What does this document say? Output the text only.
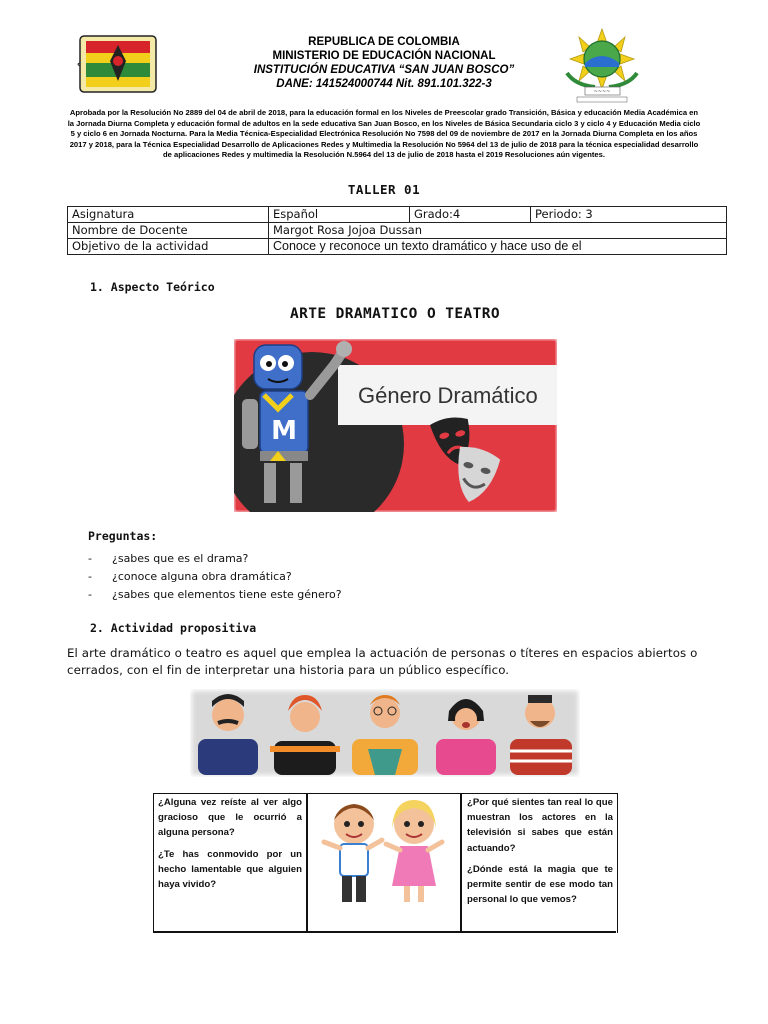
REPUBLICA DE COLOMBIA
MINISTERIO DE EDUCACIÓN NACIONAL
INSTITUCIÓN EDUCATIVA “SAN JUAN BOSCO”
DANE: 141524000744 Nit. 891.101.322-3
~~~~
Aprobada por la Resolución No 2889 del 04 de abril de 2018, para la educación formal en los Niveles de Preescolar grado Transición, Básica y educación Media Académica en la Jornada Diurna Completa y educación formal de adultos en la sede educativa San Juan Bosco, en los Niveles de Básica Secundaria ciclo 3 y ciclo 4 y Educación Media ciclo 5 y ciclo 6 en Jornada Nocturna. Para la Media Técnica-Especialidad Electrónica Resolución No 7598 del 09 de noviembre de 2017 en la Jornada Diurna Completa en los años 2017 y 2018, para la Técnica Especialidad Desarrollo de Aplicaciones Redes y Multimedia la Resolución No 5964 del 13 de julio de 2018 para la técnica especialidad desarrollo de aplicaciones Redes y multimedia la Resolución N.5964 del 13 de julio de 2018 hasta el 2019 Resoluciones aún vigentes.
TALLER 01
Asignatura	Español	Grado:4	Periodo: 3
Nombre de Docente	Margot Rosa Jojoa Dussan		
Objetivo de la actividad	Conoce y reconoce un texto dramático y hace uso de el		
1. Aspecto Teórico
ARTE DRAMATICO O TEATRO
Género Dramático
M
Preguntas:
- ¿sabes que es el drama?
- ¿conoce alguna obra dramática?
- ¿sabes que elementos tiene este género?
2. Actividad propositiva
El arte dramático o teatro es aquel que emplea la actuación de personas o títeres en espacios abiertos o cerrados, con el fin de interpretar una historia para un público específico.

¿Alguna vez reíste al ver algo gracioso que le ocurrió a alguna persona?

¿Te has conmovido por un hecho lamentable que alguien haya vivido?

¿Por qué sientes tan real lo que muestran los actores en la televisión si sabes que están actuando?

¿Dónde está la magia que te permite sentir de ese modo tan personal lo que vemos?
